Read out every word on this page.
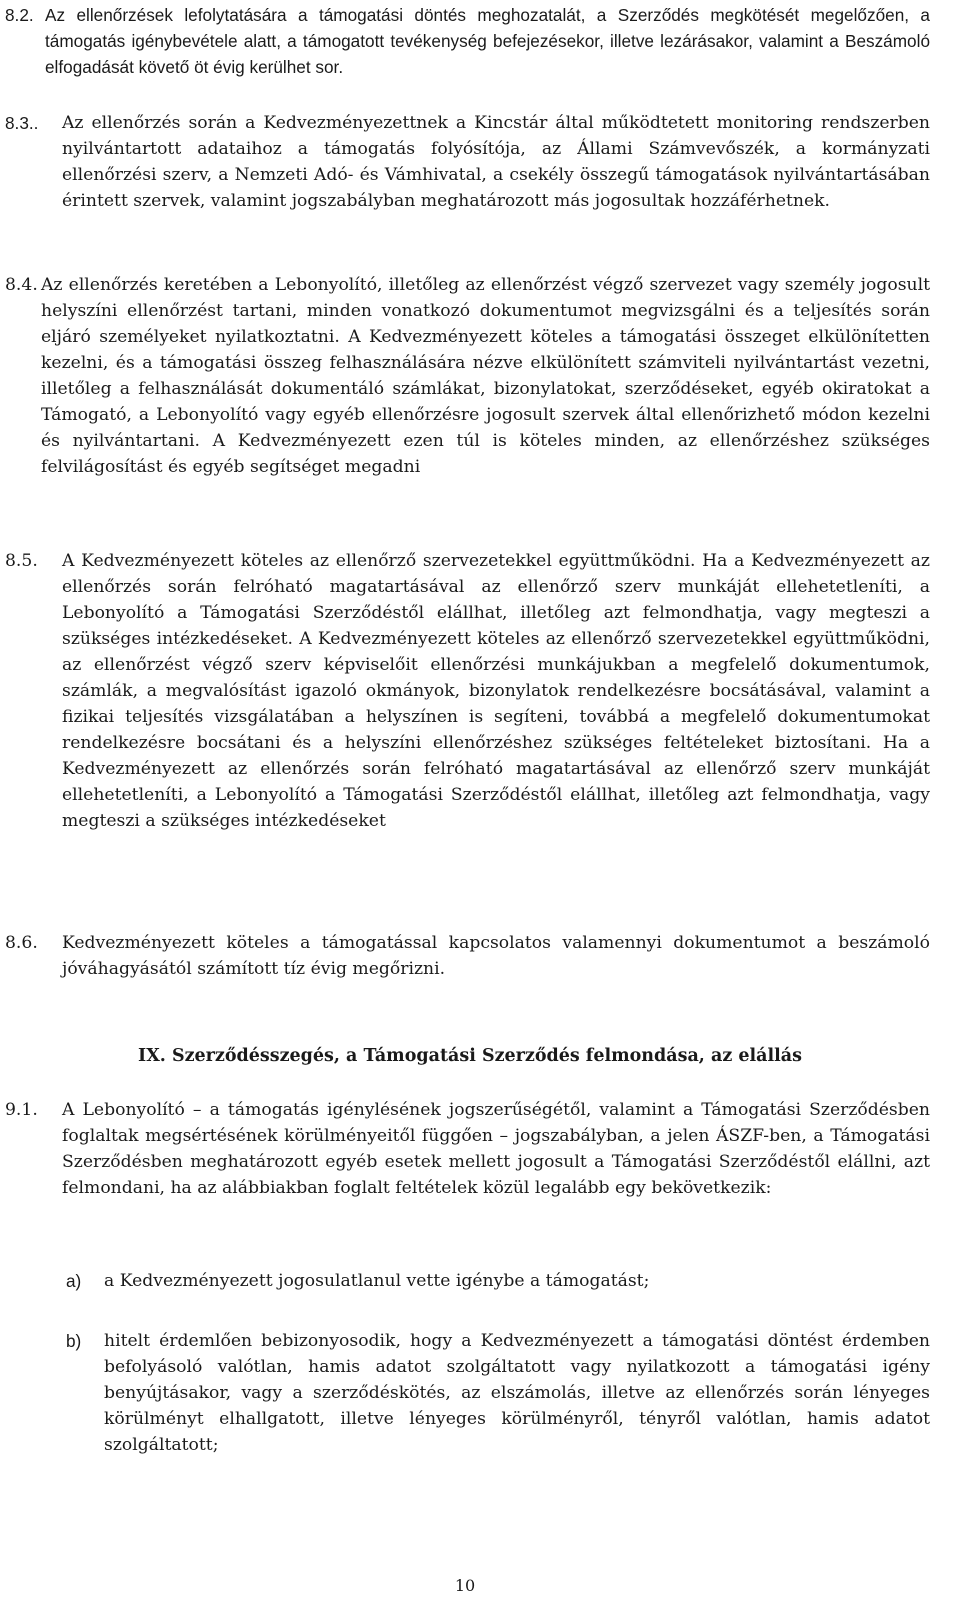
8.2. Az ellenőrzések lefolytatására a támogatási döntés meghozatalát, a Szerződés megkötését megelőzően, a támogatás igénybevétele alatt, a támogatott tevékenység befejezésekor, illetve lezárásakor, valamint a Beszámoló elfogadását követő öt évig kerülhet sor.
8.3.. Az ellenőrzés során a Kedvezményezettnek a Kincstár által működtetett monitoring rendszerben nyilvántartott adataihoz a támogatás folyósítója, az Állami Számvevőszék, a kormányzati ellenőrzési szerv, a Nemzeti Adó- és Vámhivatal, a csekély összegű támogatások nyilvántartásában érintett szervek, valamint jogszabályban meghatározott más jogosultak hozzáférhetnek.
8.4. Az ellenőrzés keretében a Lebonyolító, illetőleg az ellenőrzést végző szervezet vagy személy jogosult helyszíni ellenőrzést tartani, minden vonatkozó dokumentumot megvizsgálni és a teljesítés során eljáró személyeket nyilatkoztatni. A Kedvezményezett köteles a támogatási összeget elkülönítetten kezelni, és a támogatási összeg felhasználására nézve elkülönített számviteli nyilvántartást vezetni, illetőleg a felhasználását dokumentáló számlákat, bizonylatokat, szerződéseket, egyéb okiratokat a Támogató, a Lebonyolító vagy egyéb ellenőrzésre jogosult szervek által ellenőrizhető módon kezelni és nyilvántartani. A Kedvezményezett ezen túl is köteles minden, az ellenőrzéshez szükséges felvilágosítást és egyéb segítséget megadni
8.5. A Kedvezményezett köteles az ellenőrző szervezetekkel együttműködni. Ha a Kedvezményezett az ellenőrzés során felróható magatartásával az ellenőrző szerv munkáját ellehetetleníti, a Lebonyolító a Támogatási Szerződéstől elállhat, illetőleg azt felmondhatja, vagy megteszi a szükséges intézkedéseket. A Kedvezményezett köteles az ellenőrző szervezetekkel együttműködni, az ellenőrzést végző szerv képviselőit ellenőrzési munkájukban a megfelelő dokumentumok, számlák, a megvalósítást igazoló okmányok, bizonylatok rendelkezésre bocsátásával, valamint a fizikai teljesítés vizsgálatában a helyszínen is segíteni, továbbá a megfelelő dokumentumokat rendelkezésre bocsátani és a helyszíni ellenőrzéshez szükséges feltételeket biztosítani. Ha a Kedvezményezett az ellenőrzés során felróható magatartásával az ellenőrző szerv munkáját ellehetetleníti, a Lebonyolító a Támogatási Szerződéstől elállhat, illetőleg azt felmondhatja, vagy megteszi a szükséges intézkedéseket
8.6. Kedvezményezett köteles a támogatással kapcsolatos valamennyi dokumentumot a beszámoló jóváhagyásától számított tíz évig megőrizni.
IX. Szerződésszegés, a Támogatási Szerződés felmondása, az elállás
9.1. A Lebonyolító – a támogatás igénylésének jogszerűségétől, valamint a Támogatási Szerződésben foglaltak megsértésének körülményeitől függően – jogszabályban, a jelen ÁSZF-ben, a Támogatási Szerződésben meghatározott egyéb esetek mellett jogosult a Támogatási Szerződéstől elállni, azt felmondani, ha az alábbiakban foglalt feltételek közül legalább egy bekövetkezik:
a) a Kedvezményezett jogosulatlanul vette igénybe a támogatást;
b) hitelt érdemlően bebizonyosodik, hogy a Kedvezményezett a támogatási döntést érdemben befolyásoló valótlan, hamis adatot szolgáltatott vagy nyilatkozott a támogatási igény benyújtásakor, vagy a szerződéskötés, az elszámolás, illetve az ellenőrzés során lényeges körülményt elhallgatott, illetve lényeges körülményről, tényről valótlan, hamis adatot szolgáltatott;
10
